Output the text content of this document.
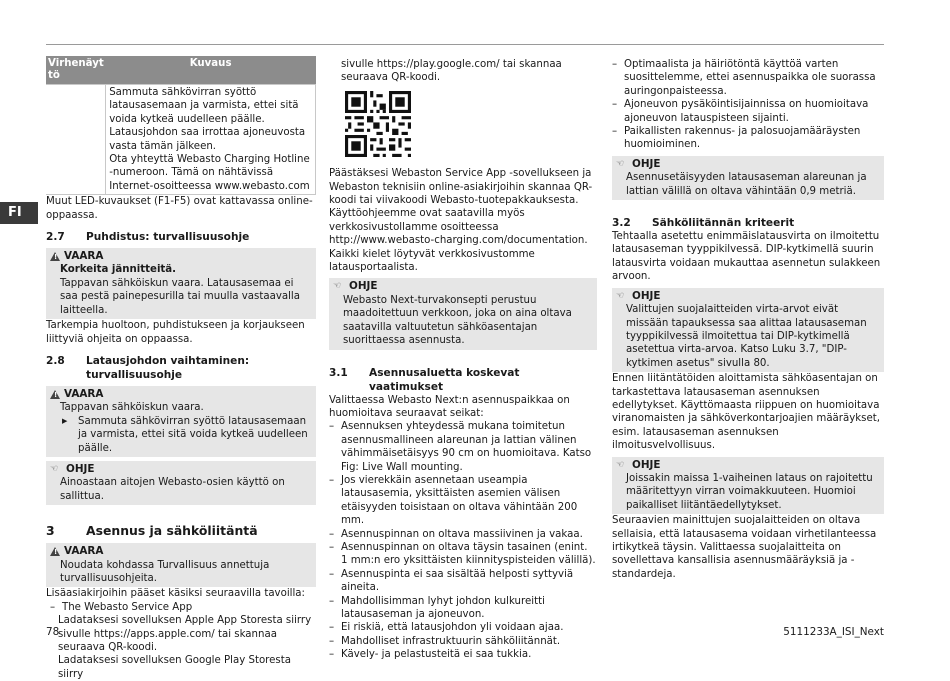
FI
Virhenäyt
tö	Kuvaus

	Sammuta sähkövirran syöttö latausasemaan ja varmista, ettei sitä voida kytkeä uudelleen päälle. Latausjohdon saa irrottaa ajoneuvosta vasta tämän jälkeen.

Ota yhteyttä Webasto Charging Hotline -numeroon. Tämä on nähtävissä Internet-osoitteessa www.webasto.com

Muut LED-kuvaukset (F1-F5) ovat kattavassa online-oppaassa.

2.7	Puhdistus: turvallisuusohje
!
VAARA

Korkeita jännitteitä.

Tappavan sähköiskun vaara. Latausasemaa ei saa pestä painepesurilla tai muulla vastaavalla laitteella.

Tarkempia huoltoon, puhdistukseen ja korjaukseen liittyviä ohjeita on oppaassa.

2.8	Latausjohdon vaihtaminen: turvallisuusohje
!
VAARA

Tappavan sähköiskun vaara.

▶ Sammuta sähkövirran syöttö latausasemaan ja varmista, ettei sitä voida kytkeä uudelleen päälle.

☜ OHJE

Ainoastaan aitojen Webasto-osien käyttö on sallittua.

3	Asennus ja sähköliitäntä
!
VAARA

Noudata kohdassa Turvallisuus annettuja turvallisuusohjeita.

Lisäasiakirjoihin pääset käsiksi seuraavilla tavoilla:

– The Webasto Service App

Ladataksesi sovelluksen Apple App Storesta siirry sivulle https://apps.apple.com/ tai skannaa seuraava QR-koodi.

Ladataksesi sovelluksen Google Play Storesta siirry

sivulle https://play.google.com/ tai skannaa seuraava QR-koodi.

Päästäksesi Webaston Service App -sovellukseen ja Webaston teknisiin online-asiakirjoihin skannaa QR-koodi tai viivakoodi Webasto-tuotepakkauksesta. Käyttöohjeemme ovat saatavilla myös verkkosivustollamme osoitteessa http://www.webasto-charging.com/documentation. Kaikki kielet löytyvät verkkosivustomme latausportaalista.

☜ OHJE

Webasto Next-turvakonsepti perustuu maadoitettuun verkkoon, joka on aina oltava saatavilla valtuutetun sähköasentajan suorittaessa asennusta.

3.1	Asennusaluetta koskevat vaatimukset

Valittaessa Webasto Next:n asennuspaikkaa on huomioitava seuraavat seikat:

– Asennuksen yhteydessä mukana toimitetun asennusmallineen alareunan ja lattian välinen vähimmäisetäisyys 90 cm on huomioitava. Katso Fig: Live Wall mounting.
– Jos vierekkäin asennetaan useampia latausasemia, yksittäisten asemien välisen etäisyyden toisistaan on oltava vähintään 200 mm.
– Asennuspinnan on oltava massiivinen ja vakaa.
– Asennuspinnan on oltava täysin tasainen (enint. 1 mm:n ero yksittäisten kiinnityspisteiden välillä).
– Asennuspinta ei saa sisältää helposti syttyviä aineita.
– Mahdollisimman lyhyt johdon kulkureitti latausaseman ja ajoneuvon.
– Ei riskiä, että latausjohdon yli voidaan ajaa.
– Mahdolliset infrastruktuurin sähköliitännät.
– Kävely- ja pelastusteitä ei saa tukkia.
– Optimaalista ja häiriötöntä käyttöä varten suosittelemme, ettei asennuspaikka ole suorassa auringonpaisteessa.
– Ajoneuvon pysäköintisijainnissa on huomioitava ajoneuvon latauspisteen sijainti.
– Paikallisten rakennus- ja palosuojamääräysten huomioiminen.
☜ OHJE

Asennusetäisyyden latausaseman alareunan ja lattian välillä on oltava vähintään 0,9 metriä.

3.2	Sähköliitännän kriteerit

Tehtaalla asetettu enimmäislatausvirta on ilmoitettu latausaseman tyyppikilvessä. DIP-kytkimellä suurin latausvirta voidaan mukauttaa asennetun sulakkeen arvoon.

☜ OHJE

Valittujen suojalaitteiden virta-arvot eivät missään tapauksessa saa alittaa latausaseman tyyppikilvessä ilmoitettua tai DIP-kytkimellä asetettua virta-arvoa. Katso Luku 3.7, "DIP-kytkimen asetus" sivulla 80.

Ennen liitäntätöiden aloittamista sähköasentajan on tarkastettava latausaseman asennuksen edellytykset. Käyttömaasta riippuen on huomioitava viranomaisten ja sähköverkontarjoajien määräykset, esim. latausaseman asennuksen ilmoitusvelvollisuus.

☜ OHJE

Joissakin maissa 1-vaiheinen lataus on rajoitettu määritettyyn virran voimakkuuteen. Huomioi paikalliset liitäntäedellytykset.

Seuraavien mainittujen suojalaitteiden on oltava sellaisia, että latausasema voidaan virhetilanteessa irtikytkeä täysin. Valittaessa suojalaitteita on sovellettava kansallisia asennusmääräyksiä ja -standardeja.

78	5111233A_ISI_Next
